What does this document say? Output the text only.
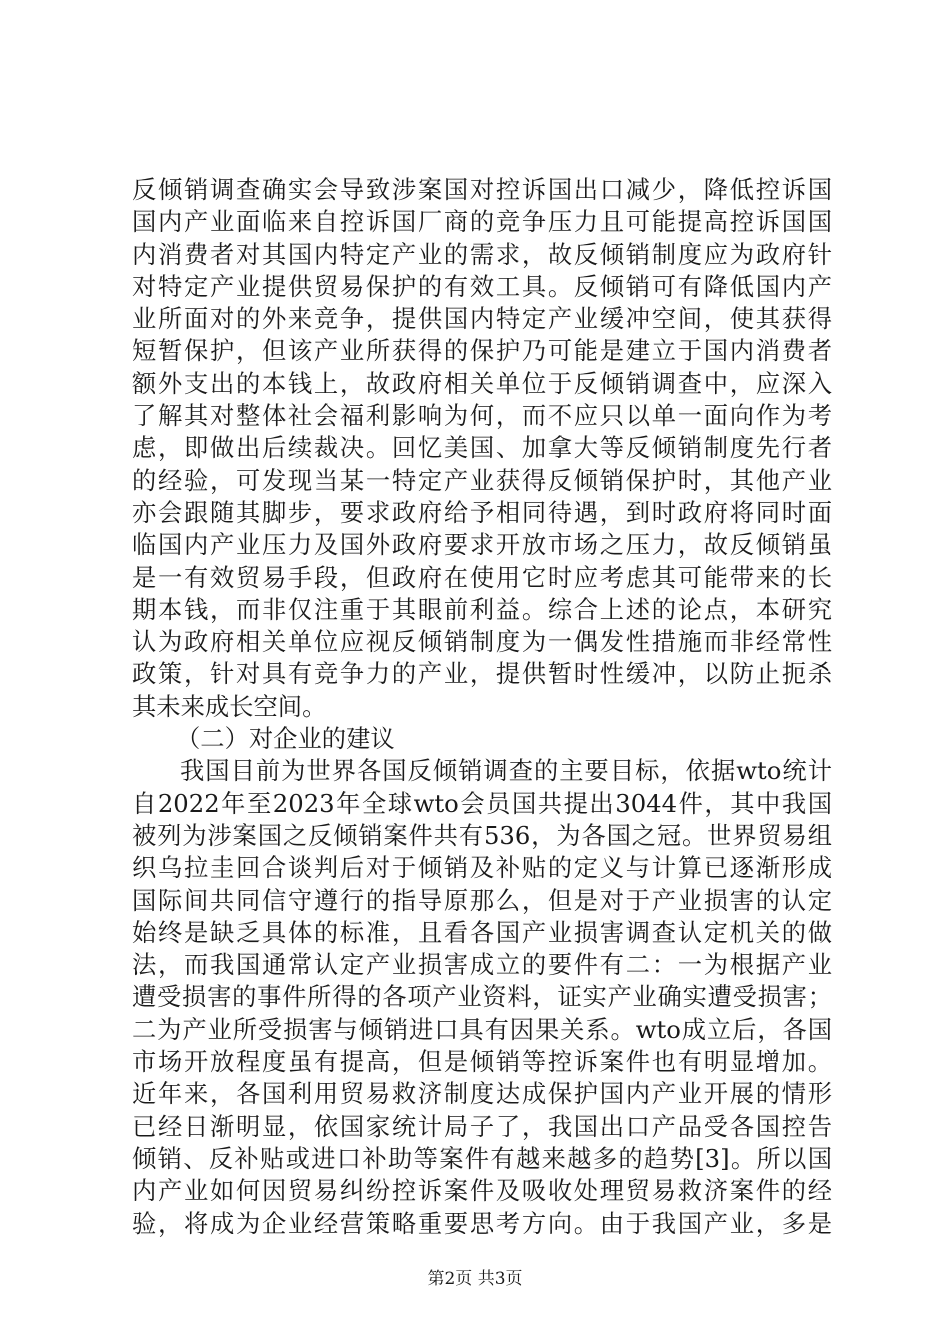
反倾销调查确实会导致涉案国对控诉国出口减少，降低控诉国
国内产业面临来自控诉国厂商的竞争压力且可能提高控诉国国
内消费者对其国内特定产业的需求，故反倾销制度应为政府针
对特定产业提供贸易保护的有效工具。反倾销可有降低国内产
业所面对的外来竞争，提供国内特定产业缓冲空间，使其获得
短暂保护，但该产业所获得的保护乃可能是建立于国内消费者
额外支出的本钱上，故政府相关单位于反倾销调查中，应深入
了解其对整体社会福利影响为何，而不应只以单一面向作为考
虑，即做出后续裁决。回忆美国、加拿大等反倾销制度先行者
的经验，可发现当某一特定产业获得反倾销保护时，其他产业
亦会跟随其脚步，要求政府给予相同待遇，到时政府将同时面
临国内产业压力及国外政府要求开放市场之压力，故反倾销虽
是一有效贸易手段，但政府在使用它时应考虑其可能带来的长
期本钱，而非仅注重于其眼前利益。综合上述的论点，本研究
认为政府相关单位应视反倾销制度为一偶发性措施而非经常性
政策，针对具有竞争力的产业，提供暂时性缓冲，以防止扼杀
其未来成长空间。
（二）对企业的建议
我国目前为世界各国反倾销调查的主要目标，依据wto统计
自2022年至2023年全球wto会员国共提出3044件，其中我国
被列为涉案国之反倾销案件共有536，为各国之冠。世界贸易组
织乌拉圭回合谈判后对于倾销及补贴的定义与计算已逐渐形成
国际间共同信守遵行的指导原那么，但是对于产业损害的认定
始终是缺乏具体的标准，且看各国产业损害调查认定机关的做
法，而我国通常认定产业损害成立的要件有二：一为根据产业
遭受损害的事件所得的各项产业资料，证实产业确实遭受损害；
二为产业所受损害与倾销进口具有因果关系。wto成立后，各国
市场开放程度虽有提高，但是倾销等控诉案件也有明显增加。
近年来，各国利用贸易救济制度达成保护国内产业开展的情形
已经日渐明显，依国家统计局子了，我国出口产品受各国控告
倾销、反补贴或进口补助等案件有越来越多的趋势[3]。所以国
内产业如何因贸易纠纷控诉案件及吸收处理贸易救济案件的经
验，将成为企业经营策略重要思考方向。由于我国产业，多是
第2页 共3页
